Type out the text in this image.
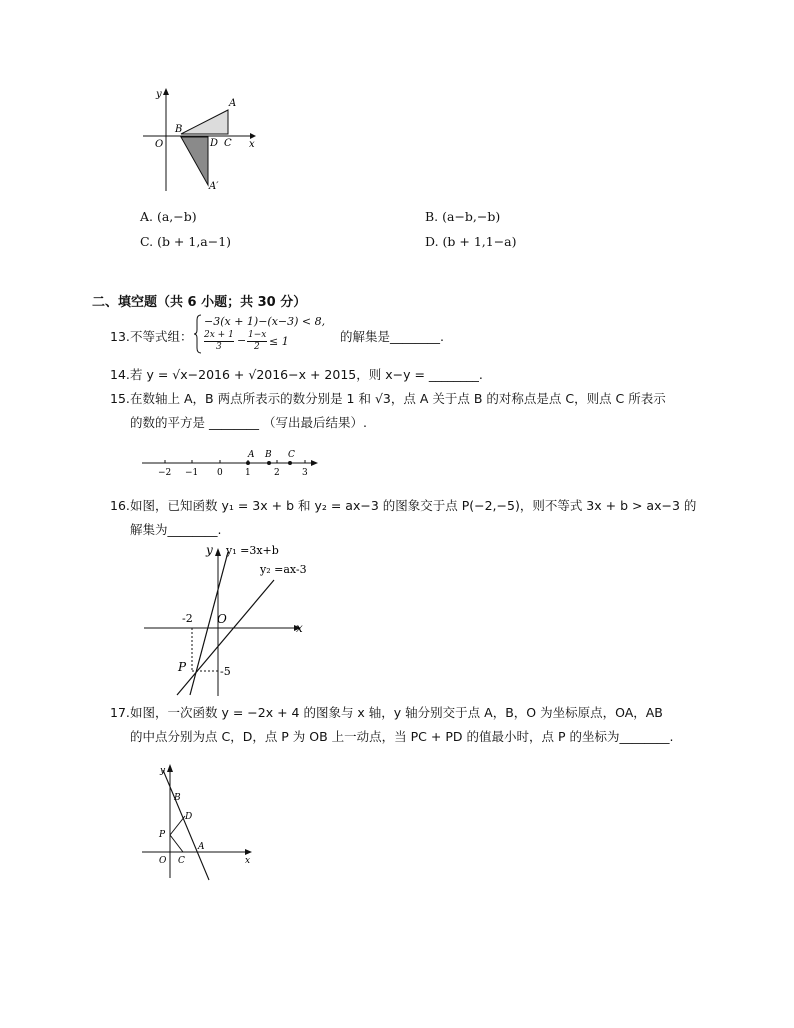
y
x
O
B
A
D C
A′
A. (a,−b)	B. (a−b,−b)
C. (b + 1,a−1)	D. (b + 1,1−a)
二、填空题（共 6 小题；共 30 分）
13. 不等式组：
−3(x + 1)−(x−3) < 8,
2x + 1
3 − 1−x
2 ≤ 1	的解集是________.
14. 若 y = √x−2016 + √2016−x + 2015，则 x−y = ________.
15. 在数轴上 A，B 两点所表示的数分别是 1 和 √3，点 A 关于点 B 的对称点是点 C，则点 C 所表示
的数的平方是 ________ （写出最后结果）.
−2 −1 0 1	2 3
A B C
16. 如图，已知函数 y₁ = 3x + b 和 y₂ = ax−3 的图象交于点 P(−2,−5)，则不等式 3x + b > ax−3 的
解集为________.
y₁ =3x+b
y₂ =ax-3
y
x
O
-2
-5
P
17. 如图，一次函数 y = −2x + 4 的图象与 x 轴，y 轴分别交于点 A，B，O 为坐标原点，OA，AB
的中点分别为点 C，D，点 P 为 OB 上一动点，当 PC + PD 的值最小时，点 P 的坐标为________.
y
x
O
B
D
P
C
A
